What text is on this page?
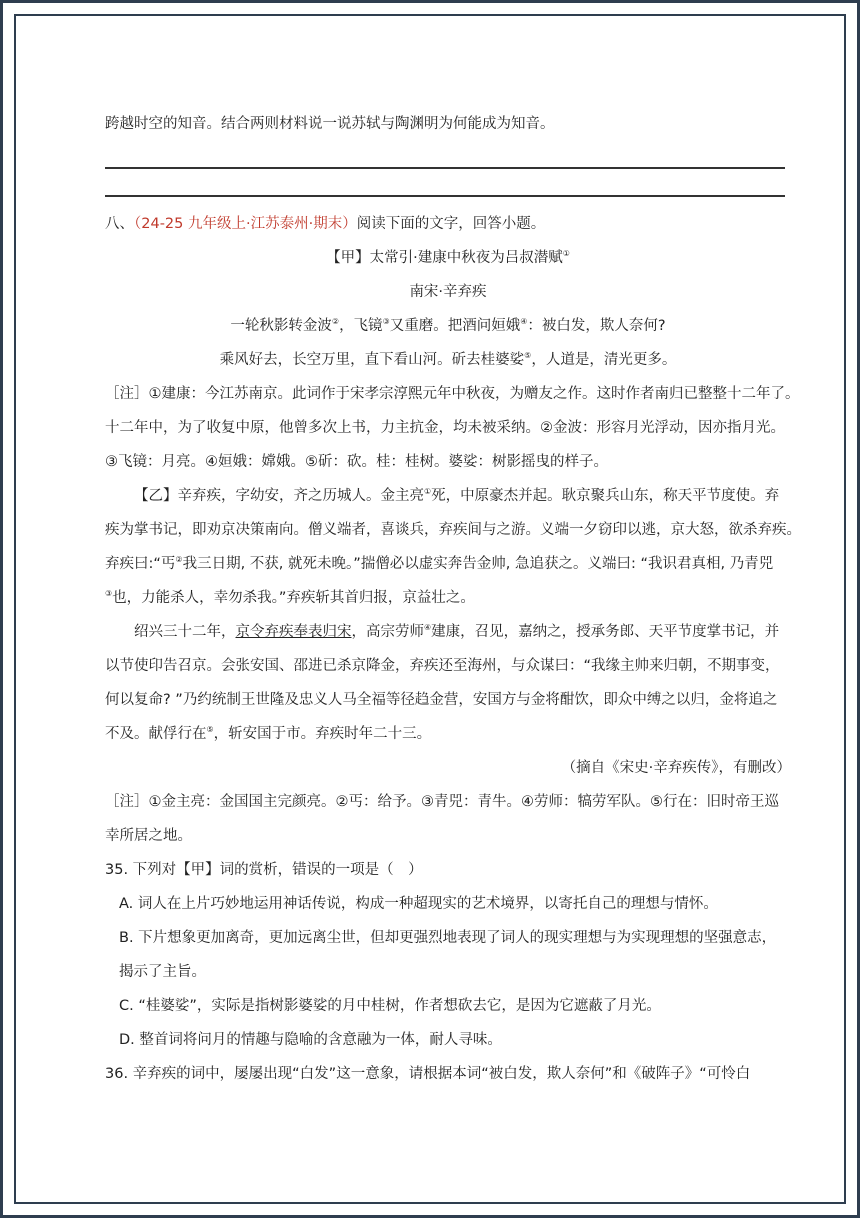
跨越时空的知音。结合两则材料说一说苏轼与陶渊明为何能成为知音。
八、（24-25 九年级上·江苏泰州·期末）阅读下面的文字，回答小题。
【甲】太常引·建康中秋夜为吕叔潜赋①
南宋·辛弃疾
一轮秋影转金波②，飞镜③又重磨。把酒问姮娥④：被白发，欺人奈何?
乘风好去，长空万里，直下看山河。斫去桂婆娑⑤，人道是，清光更多。
［注］①建康：今江苏南京。此词作于宋孝宗淳熙元年中秋夜，为赠友之作。这时作者南归已整整十二年了。
十二年中，为了收复中原，他曾多次上书，力主抗金，均未被采纳。②金波：形容月光浮动，因亦指月光。
③飞镜：月亮。④姮娥：嫦娥。⑤斫：砍。桂：桂树。婆娑：树影摇曳的样子。
【乙】辛弃疾，字幼安，齐之历城人。金主亮①死，中原豪杰并起。耿京聚兵山东，称天平节度使。弃
疾为掌书记，即劝京决策南向。僧义端者，喜谈兵，弃疾间与之游。义端一夕窃印以逃，京大怒，欲杀弃疾。
弃疾曰:“丐②我三日期, 不获, 就死未晚。”揣僧必以虚实奔告金帅, 急追获之。义端曰: “我识君真相, 乃青兕
③也，力能杀人，幸勿杀我。”弃疾斩其首归报，京益壮之。
绍兴三十二年，京令弃疾奉表归宋，高宗劳师④建康，召见，嘉纳之，授承务郎、天平节度掌书记，并
以节使印告召京。会张安国、邵进已杀京降金，弃疾还至海州，与众谋曰：“我缘主帅来归朝，不期事变，
何以复命? ”乃约统制王世隆及忠义人马全福等径趋金营，安国方与金将酣饮，即众中缚之以归，金将追之
不及。献俘行在⑤，斩安国于市。弃疾时年二十三。
（摘自《宋史·辛弃疾传》，有删改）
［注］①金主亮：金国国主完颜亮。②丐：给予。③青兕：青牛。④劳师：犒劳军队。⑤行在：旧时帝王巡
幸所居之地。
35. 下列对【甲】词的赏析，错误的一项是（　）
A. 词人在上片巧妙地运用神话传说，构成一种超现实的艺术境界，以寄托自己的理想与情怀。
B. 下片想象更加离奇，更加远离尘世，但却更强烈地表现了词人的现实理想与为实现理想的坚强意志，
揭示了主旨。
C. “桂婆娑”，实际是指树影婆娑的月中桂树，作者想砍去它，是因为它遮蔽了月光。
D. 整首词将问月的情趣与隐喻的含意融为一体，耐人寻味。
36. 辛弃疾的词中，屡屡出现“白发”这一意象，请根据本词“被白发，欺人奈何”和《破阵子》“可怜白
